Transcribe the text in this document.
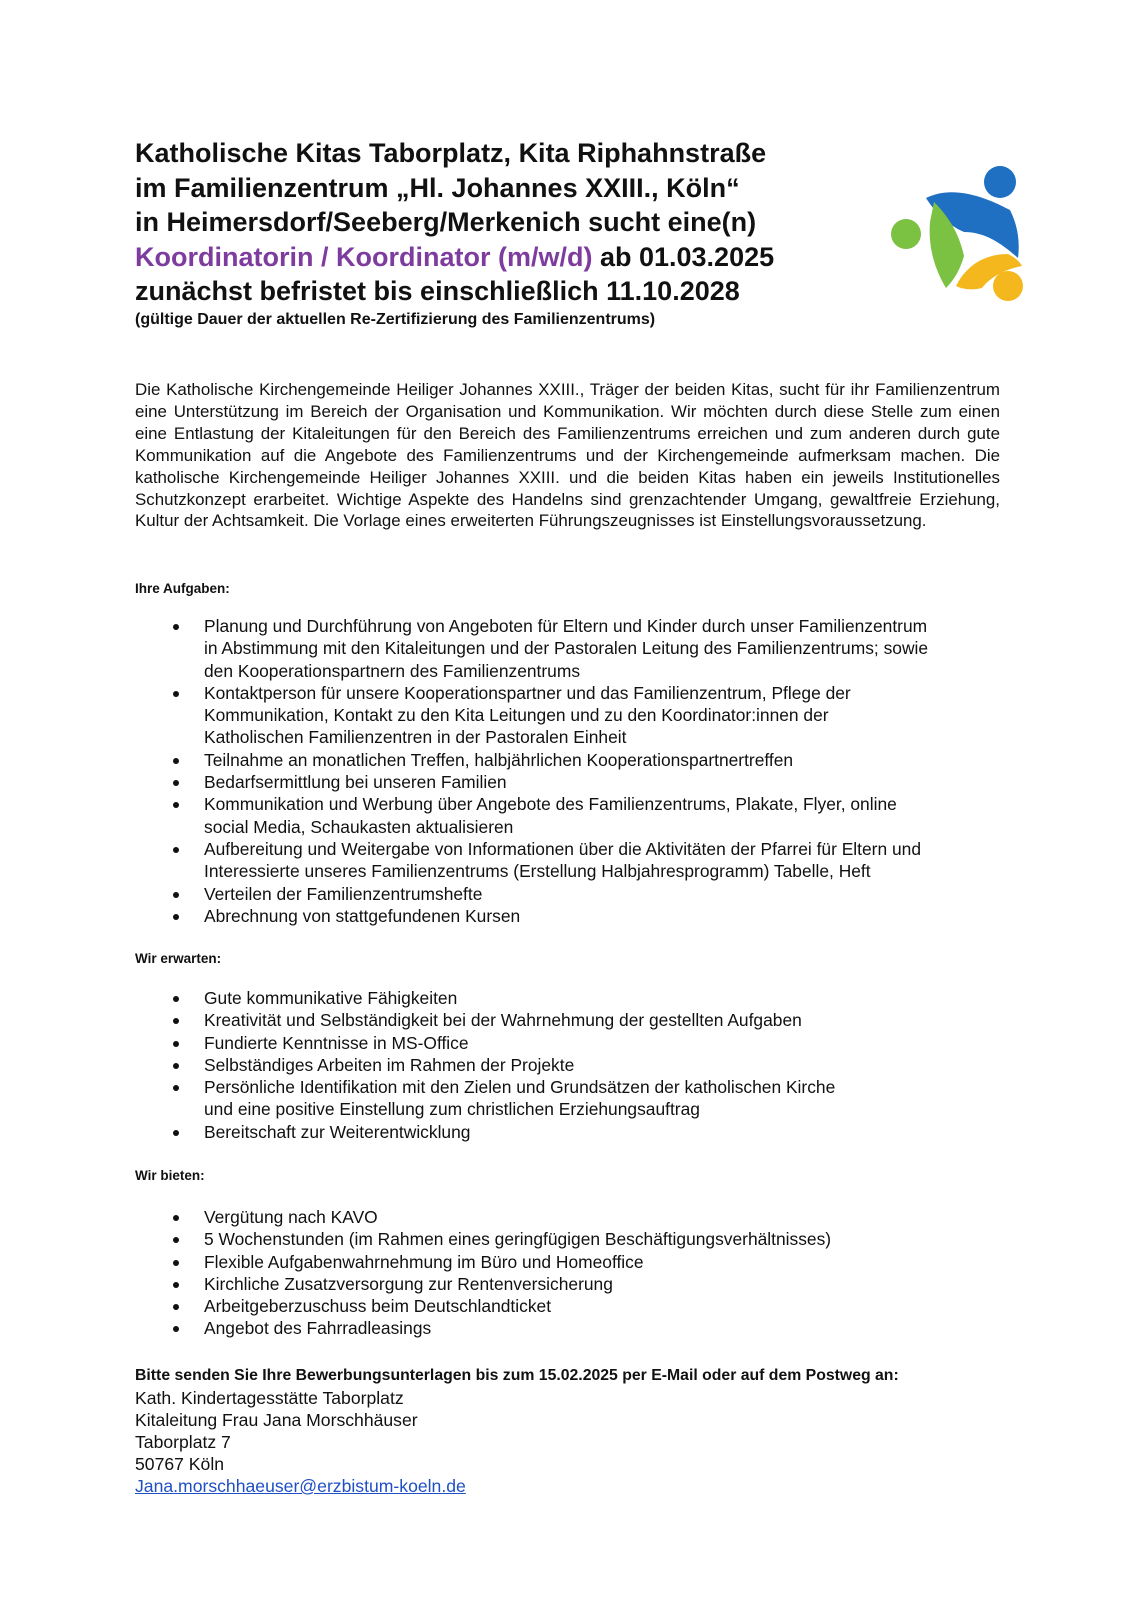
Katholische Kitas Taborplatz, Kita Riphahnstraße
im Familienzentrum „Hl. Johannes XXIII., Köln“
in Heimersdorf/Seeberg/Merkenich sucht eine(n)
Koordinatorin / Koordinator (m/w/d) ab 01.03.2025
zunächst befristet bis einschließlich 11.10.2028
(gültige Dauer der aktuellen Re-Zertifizierung des Familienzentrums)
Die Katholische Kirchengemeinde Heiliger Johannes XXIII., Träger der beiden Kitas, sucht für ihr Familienzentrum eine Unterstützung im Bereich der Organisation und Kommunikation. Wir möchten durch diese Stelle zum einen eine Entlastung der Kitaleitungen für den Bereich des Familienzentrums erreichen und zum anderen durch gute Kommunikation auf die Angebote des Familienzentrums und der Kirchengemeinde aufmerksam machen. Die katholische Kirchengemeinde Heiliger Johannes XXIII. und die beiden Kitas haben ein jeweils Institutionelles Schutzkonzept erarbeitet. Wichtige Aspekte des Handelns sind grenzachtender Umgang, gewaltfreie Erziehung, Kultur der Achtsamkeit. Die Vorlage eines erweiterten Führungszeugnisses ist Einstellungsvoraussetzung.
Ihre Aufgaben:
Planung und Durchführung von Angeboten für Eltern und Kinder durch unser Familienzentrum
in Abstimmung mit den Kitaleitungen und der Pastoralen Leitung des Familienzentrums; sowie
den Kooperationspartnern des Familienzentrums
Kontaktperson für unsere Kooperationspartner und das Familienzentrum, Pflege der
Kommunikation, Kontakt zu den Kita Leitungen und zu den Koordinator:innen der
Katholischen Familienzentren in der Pastoralen Einheit
Teilnahme an monatlichen Treffen, halbjährlichen Kooperationspartnertreffen
Bedarfsermittlung bei unseren Familien
Kommunikation und Werbung über Angebote des Familienzentrums, Plakate, Flyer, online
social Media, Schaukasten aktualisieren
Aufbereitung und Weitergabe von Informationen über die Aktivitäten der Pfarrei für Eltern und
Interessierte unseres Familienzentrums (Erstellung Halbjahresprogramm) Tabelle, Heft
Verteilen der Familienzentrumshefte
Abrechnung von stattgefundenen Kursen
Wir erwarten:
Gute kommunikative Fähigkeiten
Kreativität und Selbständigkeit bei der Wahrnehmung der gestellten Aufgaben
Fundierte Kenntnisse in MS-Office
Selbständiges Arbeiten im Rahmen der Projekte
Persönliche Identifikation mit den Zielen und Grundsätzen der katholischen Kirche
und eine positive Einstellung zum christlichen Erziehungsauftrag
Bereitschaft zur Weiterentwicklung
Wir bieten:
Vergütung nach KAVO
5 Wochenstunden (im Rahmen eines geringfügigen Beschäftigungsverhältnisses)
Flexible Aufgabenwahrnehmung im Büro und Homeoffice
Kirchliche Zusatzversorgung zur Rentenversicherung
Arbeitgeberzuschuss beim Deutschlandticket
Angebot des Fahrradleasings
Bitte senden Sie Ihre Bewerbungsunterlagen bis zum 15.02.2025 per E-Mail oder auf dem Postweg an:
Kath. Kindertagesstätte Taborplatz
Kitaleitung Frau Jana Morschhäuser
Taborplatz 7
50767 Köln
Jana.morschhaeuser@erzbistum-koeln.de
